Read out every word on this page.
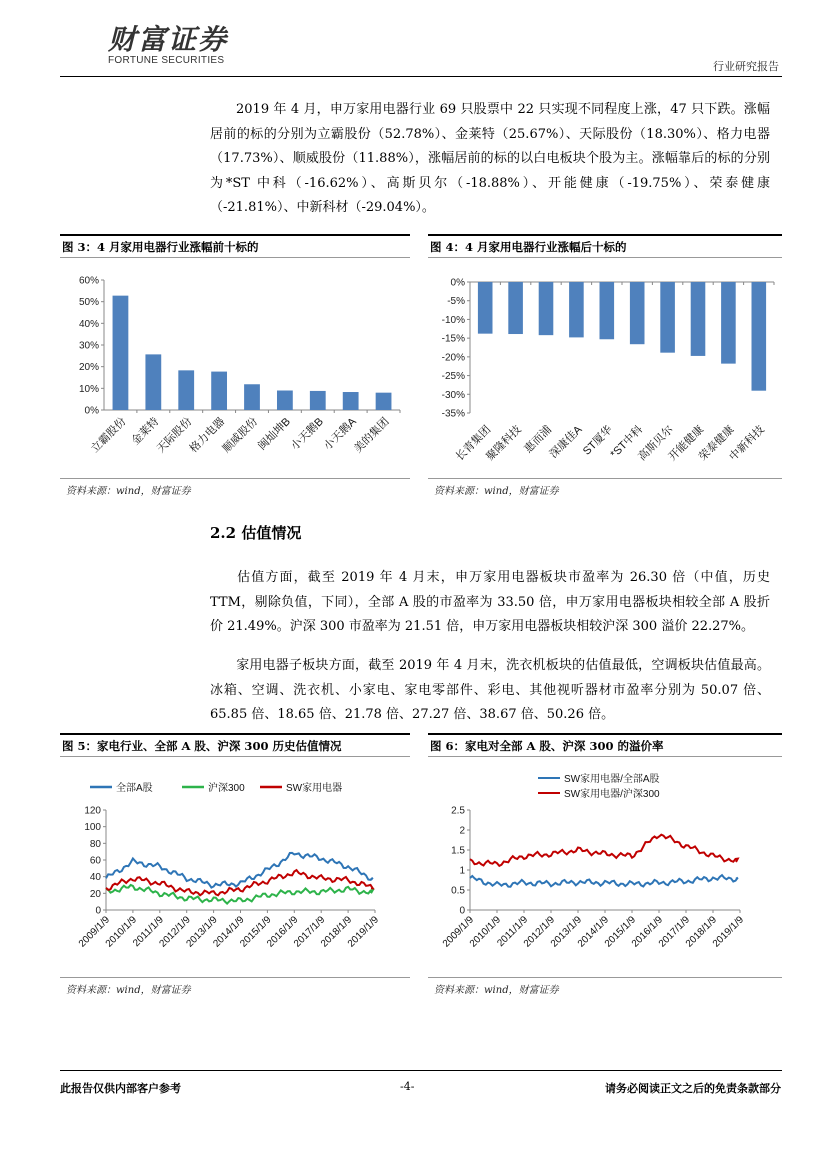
财富证券
FORTUNE SECURITIES	行业研究报告
2019 年 4 月，申万家用电器行业 69 只股票中 22 只实现不同程度上涨，47 只下跌。涨幅居前的标的分别为立霸股份（52.78%）、金莱特（25.67%）、天际股份（18.30%）、格力电器（17.73%）、顺威股份（11.88%），涨幅居前的标的以白电板块个股为主。涨幅靠后的标的分别为*ST 中科（-16.62%）、高斯贝尔（-18.88%）、开能健康（-19.75%）、荣泰健康（-21.81%）、中新科材（-29.04%）。
图 3：4 月家用电器行业涨幅前十标的
0%
10%
20%
30%
40%
50%
60%
立霸股份 金莱特
天际股份
格力电器
顺威股份
闽灿坤B
小天鹅B
小天鹅A
美的集团
资料来源：wind，财富证券
图 4：4 月家用电器行业涨幅后十标的
0%
-5%
-10%
-15%
-20%
-25%
-30%
-35%
长青集团
聚隆科技
惠而浦
深康佳A
ST厦华
*ST中科
高斯贝尔
开能健康
荣泰健康
中新科技
资料来源：wind，财富证券
2.2 估值情况
估值方面，截至 2019 年 4 月末，申万家用电器板块市盈率为 26.30 倍（中值，历史 TTM，剔除负值，下同），全部 A 股的市盈率为 33.50 倍，申万家用电器板块相较全部 A 股折价 21.49%。沪深 300 市盈率为 21.51 倍，申万家用电器板块相较沪深 300 溢价 22.27%。
家用电器子板块方面，截至 2019 年 4 月末，洗衣机板块的估值最低，空调板块估值最高。冰箱、空调、洗衣机、小家电、家电零部件、彩电、其他视听器材市盈率分别为 50.07 倍、65.85 倍、18.65 倍、21.78 倍、27.27 倍、38.67 倍、50.26 倍。
图 5：家电行业、全部 A 股、沪深 300 历史估值情况
0
20
40
60
80
100
120
2009/1/9
2010/1/9
2011/1/9
2012/1/9
2013/1/9
2014/1/9
2015/1/9
2016/1/9
2017/1/9
2018/1/9
2019/1/9
全部A股	沪深300	SW家用电器
资料来源：wind，财富证券
图 6：家电对全部 A 股、沪深 300 的溢价率
0
0.5
1
1.5
2
2.5
2009/1/9
2010/1/9
2011/1/9
2012/1/9
2013/1/9
2014/1/9
2015/1/9
2016/1/9
2017/1/9
2018/1/9
2019/1/9
SW家用电器/全部A股
SW家用电器/沪深300
资料来源：wind，财富证券
此报告仅供内部客户参考	-4-	请务必阅读正文之后的免责条款部分
